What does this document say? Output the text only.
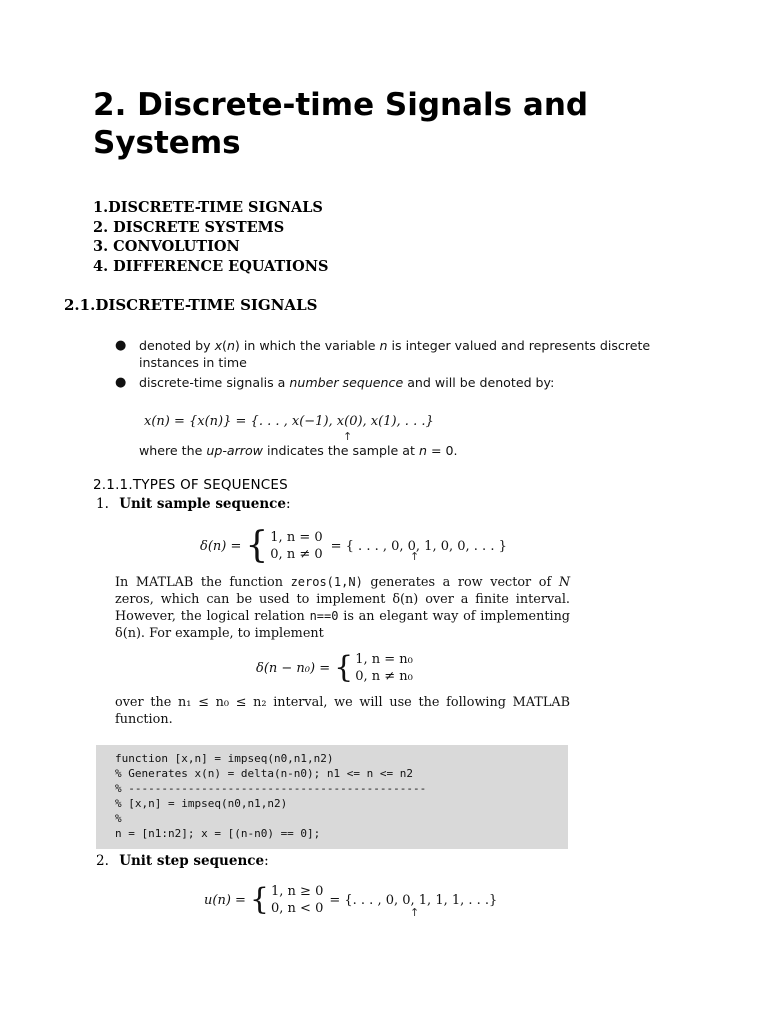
2. Discrete-time Signals and Systems
1.DISCRETE-TIME SIGNALS
2. DISCRETE SYSTEMS
3. CONVOLUTION
4. DIFFERENCE EQUATIONS
2.1.DISCRETE-TIME SIGNALS
● denoted by x(n) in which the variable n is integer valued and represents discrete instances in time
● discrete-time signalis a number sequence and will be denoted by:
x(n) = {x(n)} = {. . . , x(−1), x(0), x(1), . . .}
↑
where the up-arrow indicates the sample at n = 0.
2.1.1.TYPES OF SEQUENCES
1. Unit sample sequence:
δ(n) = { 1, n = 0
0, n ≠ 0
= { . . . , 0, 0, 1, 0, 0, . . . }
↑
In MATLAB the function zeros(1,N) generates a row vector of N zeros, which can be used to implement δ(n) over a finite interval. However, the logical relation n==0 is an elegant way of implementing δ(n). For example, to implement
δ(n − n₀) = { 1, n = n₀
0, n ≠ n₀
over the n₁ ≤ n₀ ≤ n₂ interval, we will use the following MATLAB function.
function [x,n] = impseq(n0,n1,n2)
% Generates x(n) = delta(n-n0); n1 <= n <= n2
% ---------------------------------------------
% [x,n] = impseq(n0,n1,n2)
%
n = [n1:n2]; x = [(n-n0) == 0];
2. Unit step sequence:
u(n) = { 1, n ≥ 0
0, n < 0
= {. . . , 0, 0, 1, 1, 1, . . .}
↑
